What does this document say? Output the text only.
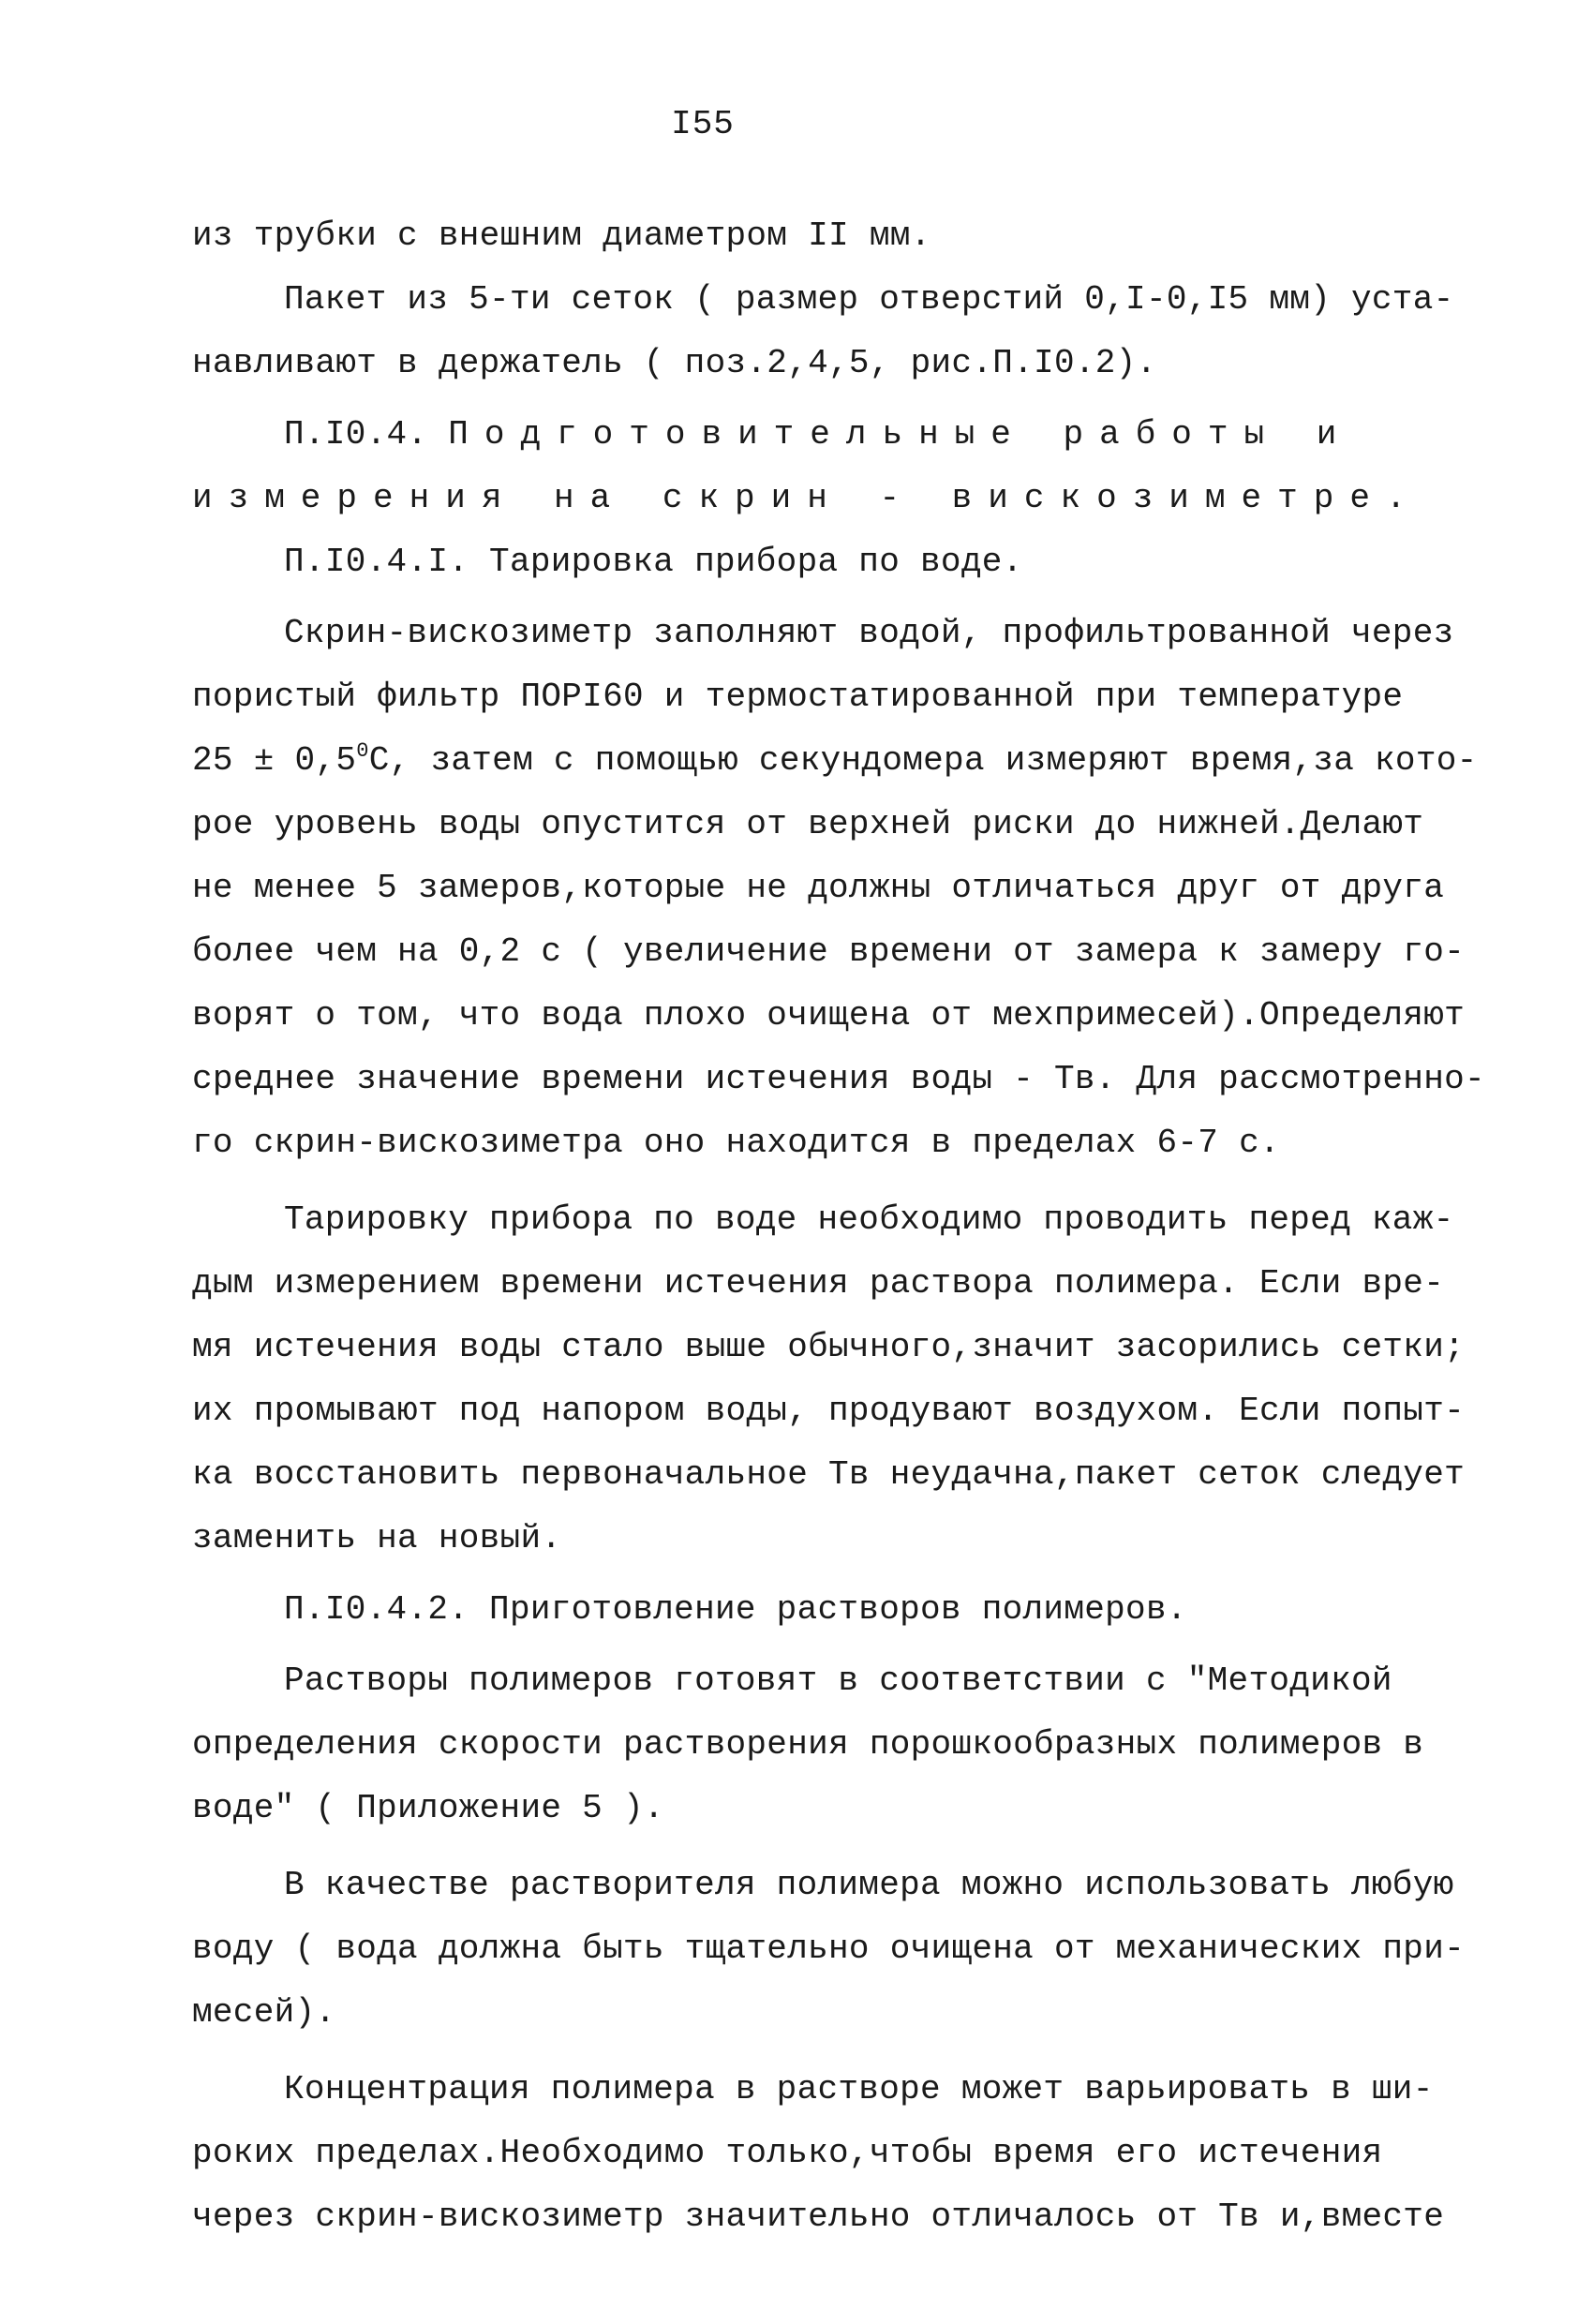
I55
из трубки с внешним диаметром II мм.
Пакет из 5-ти сеток ( размер отверстий 0,I-0,I5 мм) уста-
навливают в держатель ( поз.2,4,5, рис.П.I0.2).
П.I0.4. Подготовительные работы и
измерения на скрин - вискозиметре.
П.I0.4.I. Тарировка прибора по воде.
Скрин-вискозиметр заполняют водой, профильтрованной через
пористый фильтр ПОРI60 и термостатированной при температуре
$25 \pm 0,5^0С$, затем с помощью секундомера измеряют время,за кото-
рое уровень воды опустится от верхней риски до нижней.Делают
не менее 5 замеров,которые не должны отличаться друг от друга
более чем на 0,2 с ( увеличение времени от замера к замеру го-
ворят о том, что вода плохо очищена от мехпримесей).Определяют
среднее значение времени истечения воды - Тв. Для рассмотренно-
го скрин-вискозиметра оно находится в пределах 6-7 с.
Тарировку прибора по воде необходимо проводить перед каж-
дым измерением времени истечения раствора полимера. Если вре-
мя истечения воды стало выше обычного,значит засорились сетки;
их промывают под напором воды, продувают воздухом. Если попыт-
ка восстановить первоначальное Тв неудачна,пакет сеток следует
заменить на новый.
П.I0.4.2. Приготовление растворов полимеров.
Растворы полимеров готовят в соответствии с "Методикой
определения скорости растворения порошкообразных полимеров в
воде" ( Приложение 5 ).
В качестве растворителя полимера можно использовать любую
воду ( вода должна быть тщательно очищена от механических при-
месей).
Концентрация полимера в растворе может варьировать в ши-
роких пределах.Необходимо только,чтобы время его истечения
через скрин-вискозиметр значительно отличалось от Тв и,вместе
